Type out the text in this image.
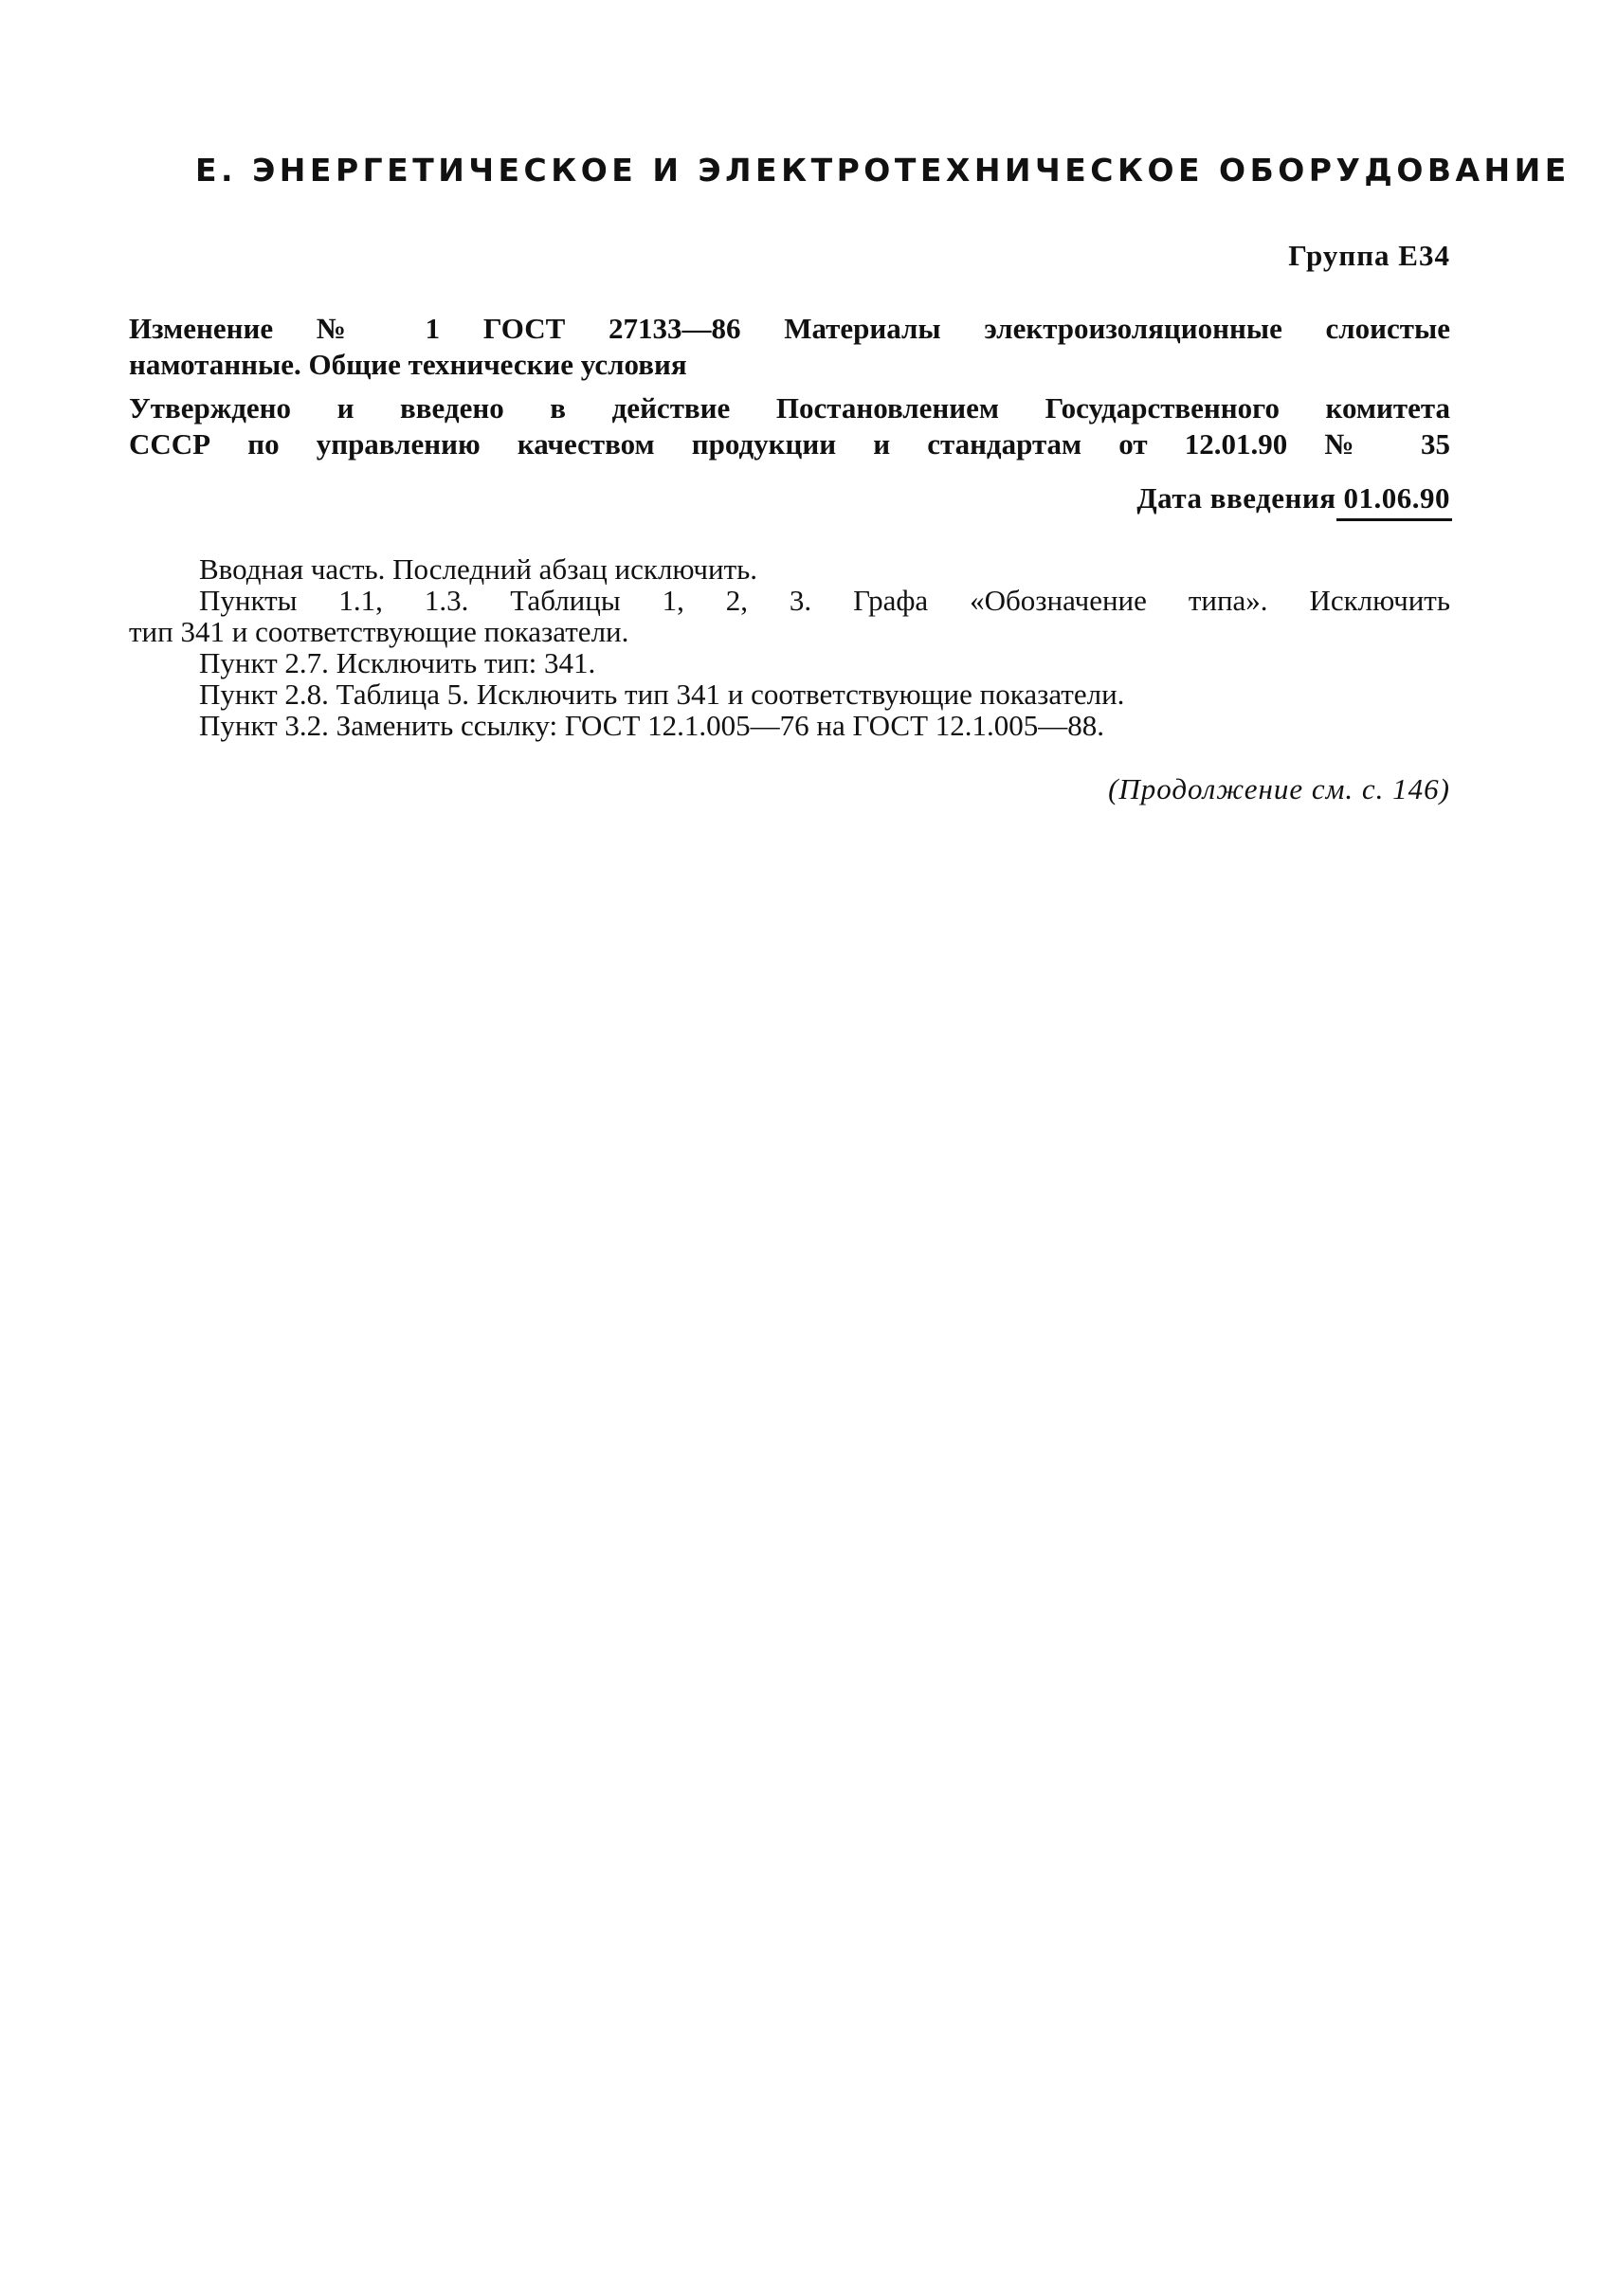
Е. ЭНЕРГЕТИЧЕСКОЕ И ЭЛЕКТРОТЕХНИЧЕСКОЕ ОБОРУДОВАНИЕ
Группа Е34
Изменение № 1 ГОСТ 27133—86 Материалы электроизоляционные слоистые
намотанные. Общие технические условия
Утверждено и введено в действие Постановлением Государственного комитета
СССР по управлению качеством продукции и стандартам от 12.01.90 № 35
Дата введения 01.06.90
Вводная часть. Последний абзац исключить.
Пункты 1.1, 1.3. Таблицы 1, 2, 3. Графа «Обозначение типа». Исключить
тип 341 и соответствующие показатели.
Пункт 2.7. Исключить тип: 341.
Пункт 2.8. Таблица 5. Исключить тип 341 и соответствующие показатели.
Пункт 3.2. Заменить ссылку: ГОСТ 12.1.005—76 на ГОСТ 12.1.005—88.
(Продолжение см. с. 146)
